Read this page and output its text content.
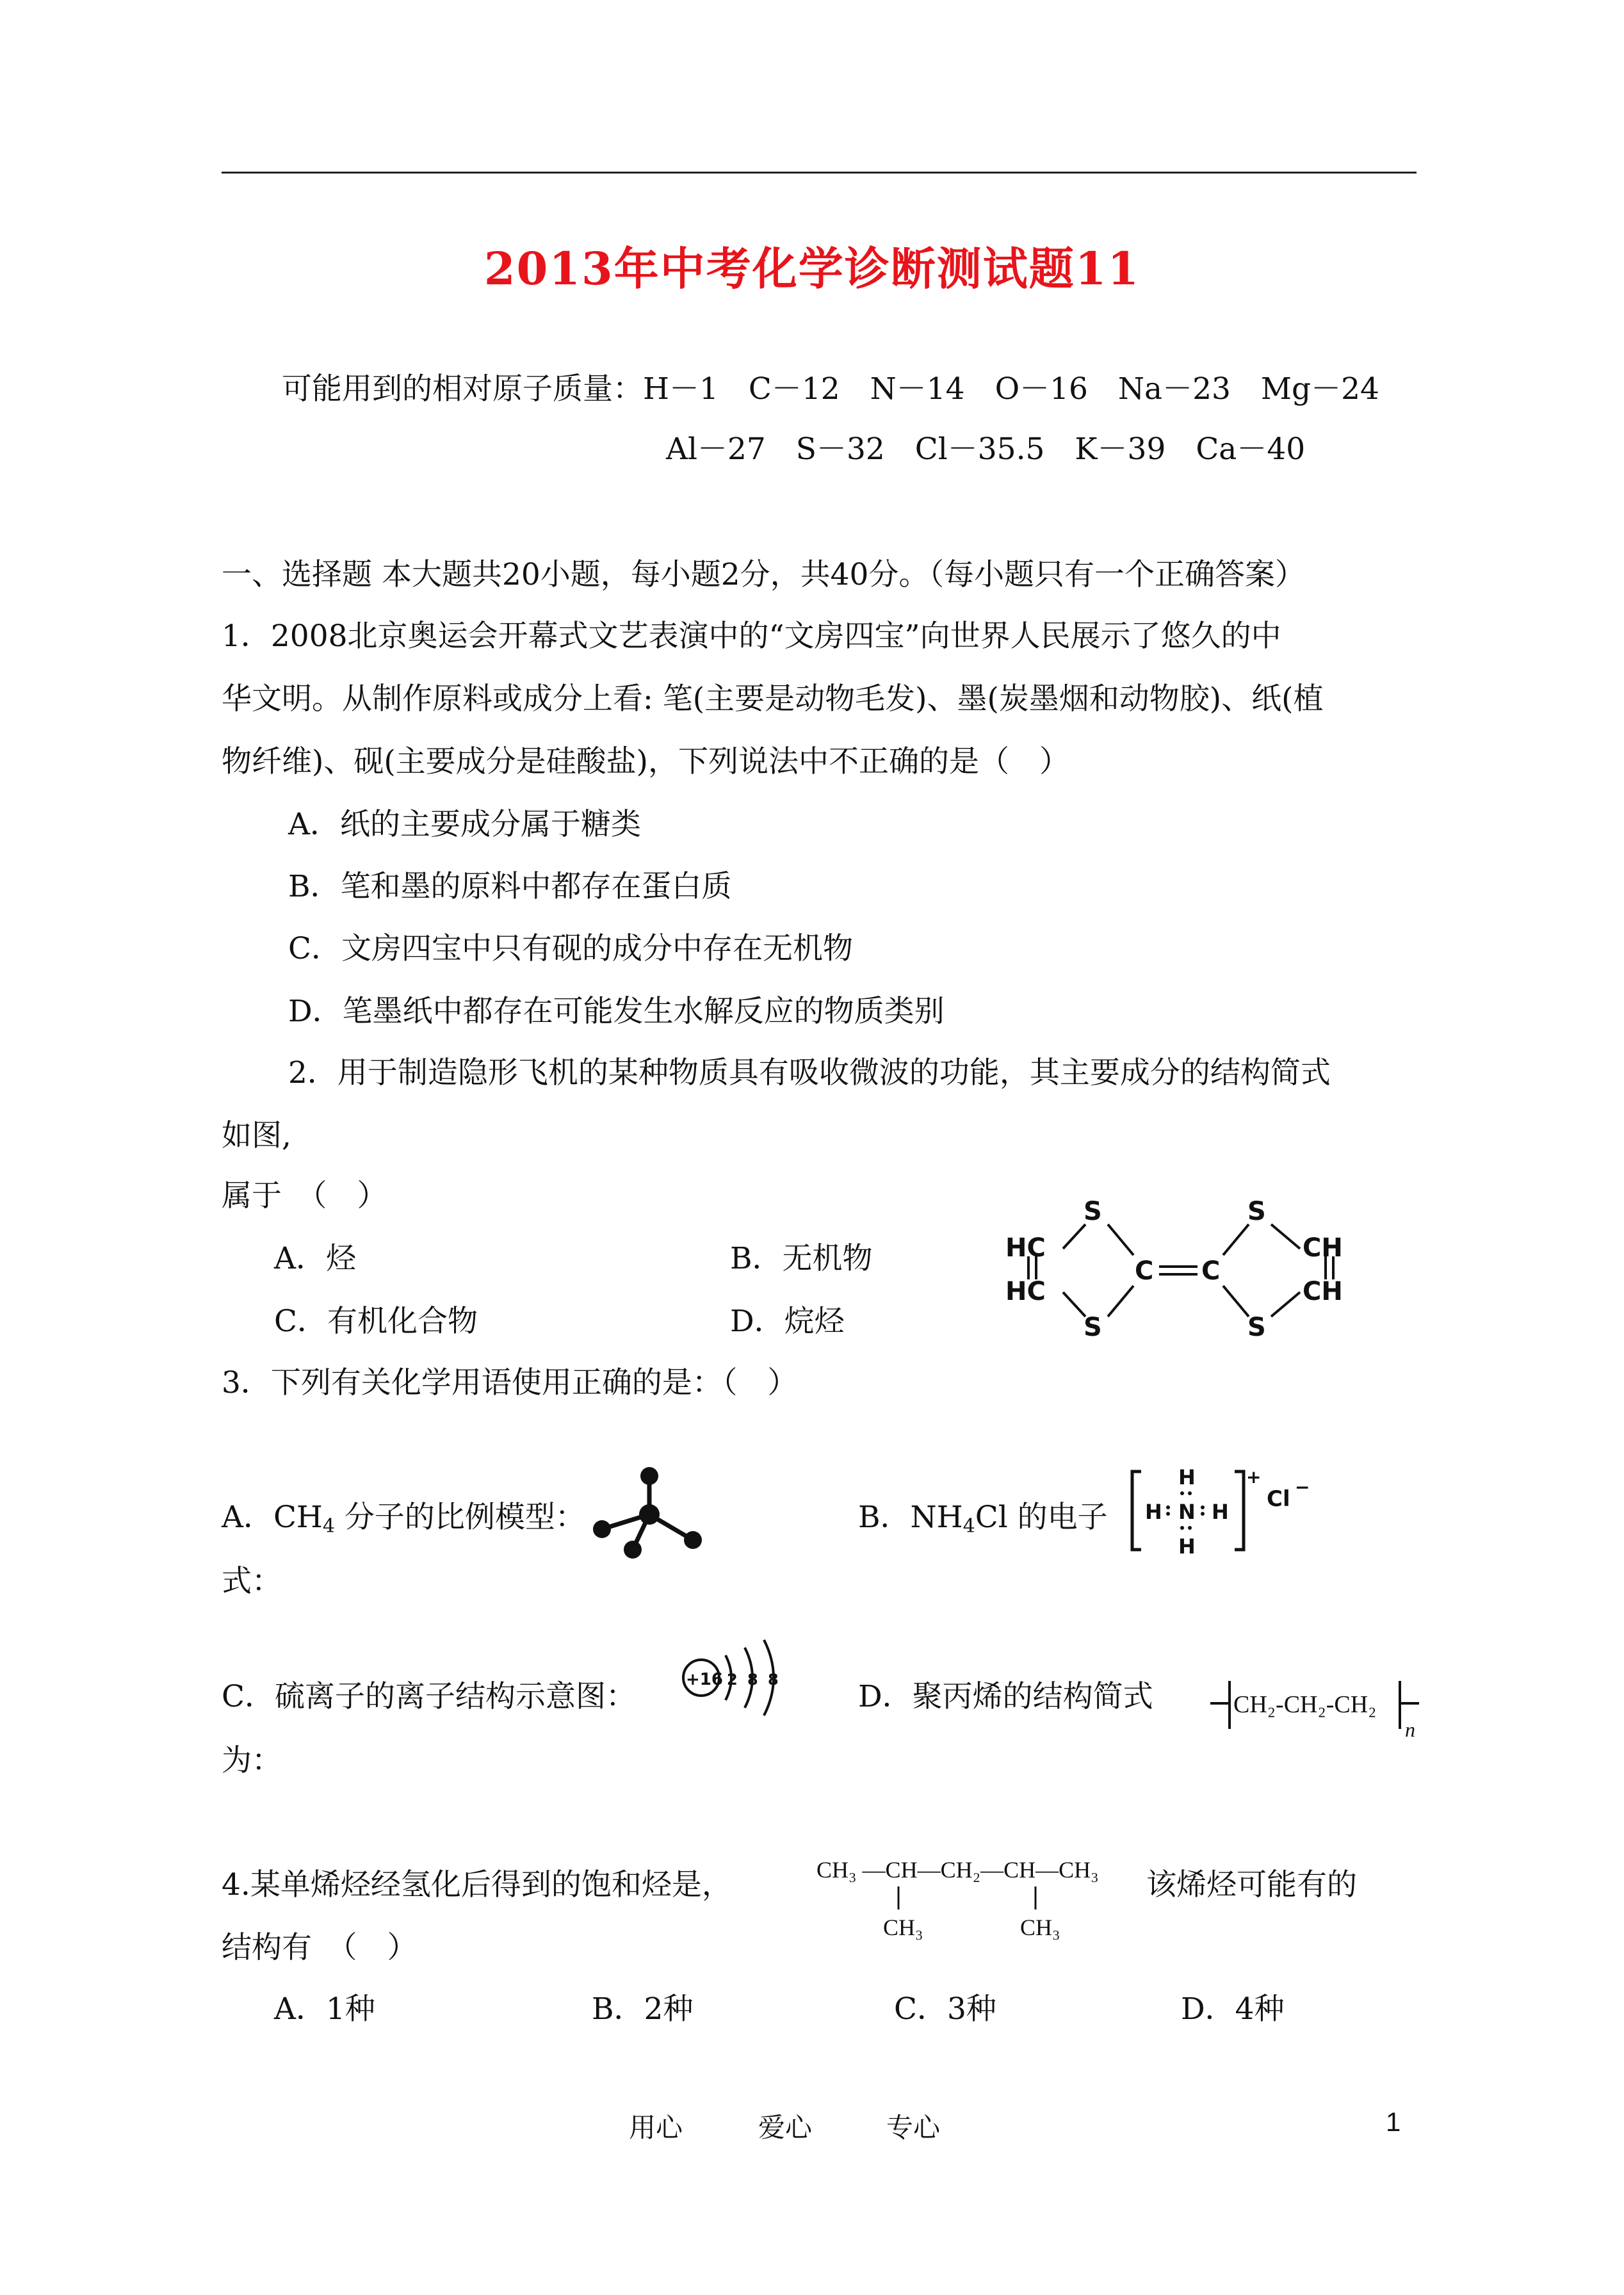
2013年中考化学诊断测试题11
可能用到的相对原子质量：H－1　C－12　N－14　O－16　Na－23　Mg－24
Al－27　S－32　Cl－35.5　K－39　Ca－40
一、选择题 本大题共20小题，每小题2分，共40分。（每小题只有一个正确答案）
1．2008北京奥运会开幕式文艺表演中的“文房四宝”向世界人民展示了悠久的中
华文明。从制作原料或成分上看: 笔(主要是动物毛发)、墨(炭墨烟和动物胶)、纸(植
物纤维)、砚(主要成分是硅酸盐)，下列说法中不正确的是（　）
A．纸的主要成分属于糖类
B．笔和墨的原料中都存在蛋白质
C．文房四宝中只有砚的成分中存在无机物
D．笔墨纸中都存在可能发生水解反应的物质类别
2．用于制造隐形飞机的某种物质具有吸收微波的功能，其主要成分的结构简式
如图,
属于　（　）
A．烃	B．无机物
C．有机化合物	D．烷烃
HC
HC
S
S
C C
S
S
CH
CH
3．下列有关化学用语使用正确的是：（　）
A．$CH_4$ 分子的比例模型：
式：
B．$NH_4Cl$ 的电子
H
H N H
H
+
Cl −
C．硫离子的离子结构示意图：
为：
+16 2 8 8	D．聚丙烯的结构简式	CH₂-CH₂-CH₂
n
4.某单烯烃经氢化后得到的饱和烃是，	该烯烃可能有的
CH₃ —CH—CH₂—CH—CH₃
CH₃	CH₃
结构有　（　）
A．1种	B．2种	C．3种	D．4种
用心	爱心	专心	1
